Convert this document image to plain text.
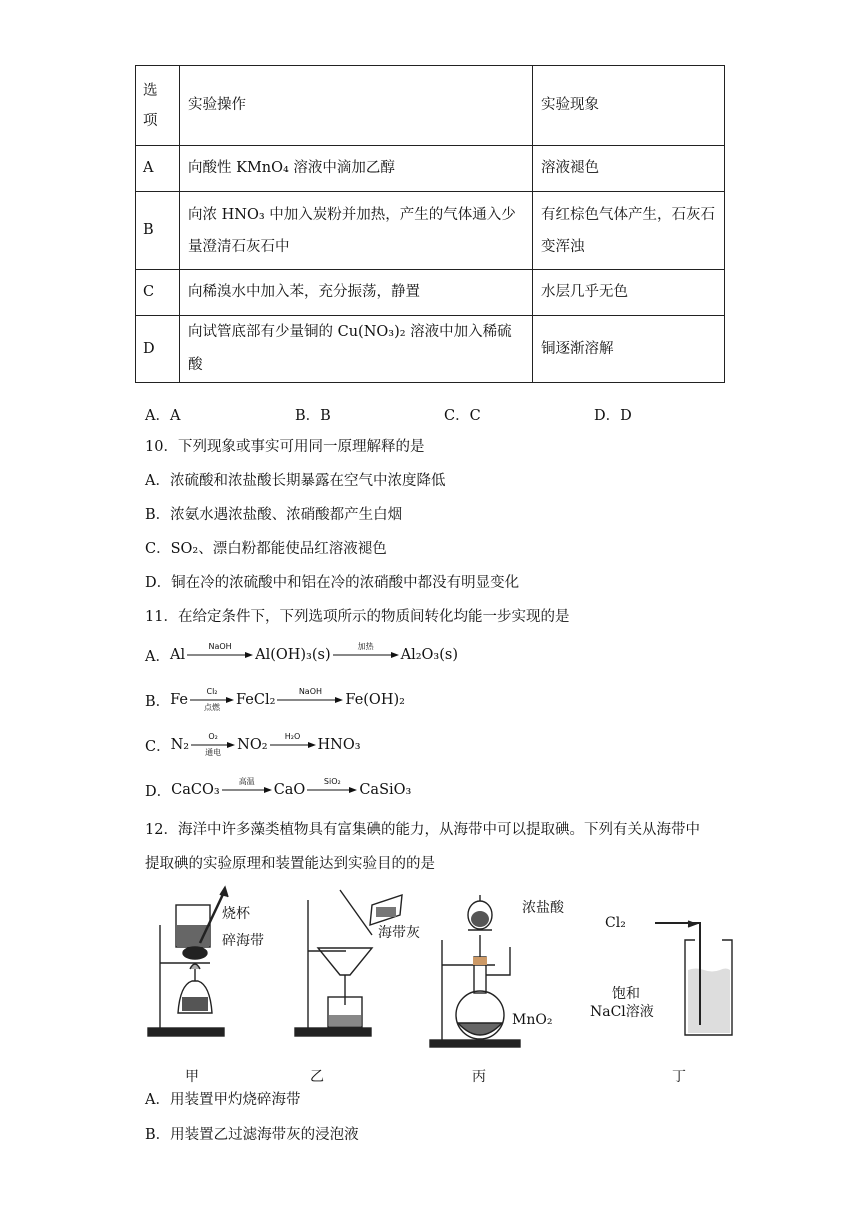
选
项	实验操作	实验现象
A	向酸性 KMnO₄ 溶液中滴加乙醇	溶液褪色
B	向浓 HNO₃ 中加入炭粉并加热，产生的气体通入少量澄清石灰石中	有红棕色气体产生，石灰石变浑浊
C	向稀溴水中加入苯，充分振荡，静置	水层几乎无色
D	向试管底部有少量铜的 Cu(NO₃)₂ 溶液中加入稀硫酸	铜逐渐溶解
A．A	B．B	C．C	D．D
10．下列现象或事实可用同一原理解释的是
A．浓硫酸和浓盐酸长期暴露在空气中浓度降低
B．浓氨水遇浓盐酸、浓硝酸都产生白烟
C．SO₂、漂白粉都能使品红溶液褪色
D．铜在冷的浓硫酸中和铝在冷的浓硝酸中都没有明显变化
11．在给定条件下，下列选项所示的物质间转化均能一步实现的是
A． Al
NaOH
Al(OH)₃(s)
加热
Al₂O₃(s)
B． Fe
Cl₂
点燃 FeCl₂
NaOH
Fe(OH)₂
C． N₂
O₂
通电 NO₂
H₂O
HNO₃
D． CaCO₃
高温
CaO
SiO₂
CaSiO₃
12．海洋中许多藻类植物具有富集碘的能力，从海带中可以提取碘。下列有关从海带中
提取碘的实验原理和装置能达到实验目的的是
烧杯
碎海带	海带灰
浓盐酸
MnO₂
Cl₂
饱和
NaCl溶液
甲	乙	丙	丁
A．用装置甲灼烧碎海带
B．用装置乙过滤海带灰的浸泡液
